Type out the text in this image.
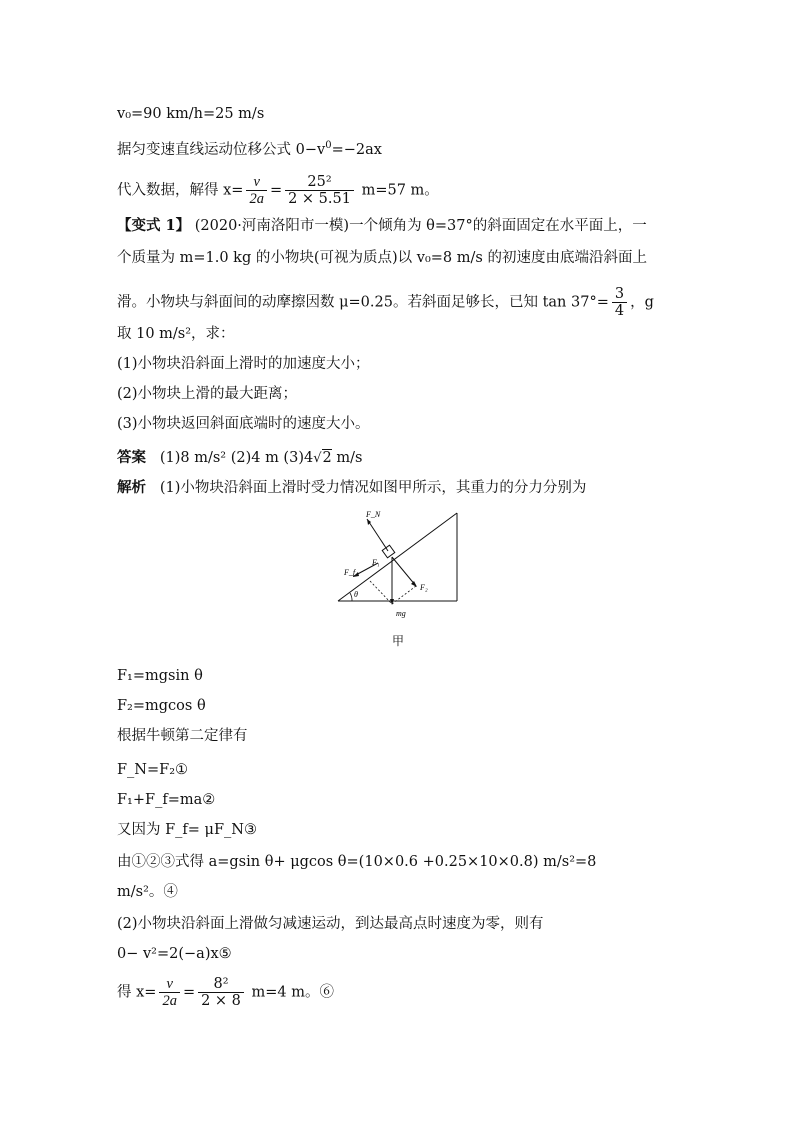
v₀=90 km/h=25 m/s
据匀变速直线运动位移公式 $0-v^0=-2ax$
代入数据，解得 $x= \frac{v}{2a} = \frac{\text{25²}}{2 \times 5.51} m=57$ m。
【变式 1】 (2020·河南洛阳市一模)一个倾角为 θ=37°的斜面固定在水平面上，一
个质量为 m=1.0 kg 的小物块(可视为质点)以 v₀=8 m/s 的初速度由底端沿斜面上
滑。小物块与斜面间的动摩擦因数 μ=0.25。若斜面足够长，已知 $\tan 37^\circ= \frac{3}{4}$ ，g
取 10 m/s²，求：
(1)小物块沿斜面上滑时的加速度大小；
(2)小物块上滑的最大距离；
(3)小物块返回斜面底端时的速度大小。
答案 (1)8 m/s² (2)4 m (3)4√2 m/s
解析 (1)小物块沿斜面上滑时受力情况如图甲所示，其重力的分力分别为
F_N
F₁
F_f
F₂
θ
mg
甲
F₁=mgsin θ
F₂=mgcos θ
根据牛顿第二定律有
F_N=F₂①
F₁+F_f=ma②
又因为 F_f= μF_N③
由①②③式得 a=gsin θ+ μgcos θ=(10×0.6 +0.25×10×0.8) m/s²=8
m/s²。④
(2)小物块沿斜面上滑做匀减速运动，到达最高点时速度为零，则有
0− v²=2(−a)x⑤
得 $x= \frac{v}{2a} = \frac{\text{8²}}{2 \times 8} m=4$ m。⑥
